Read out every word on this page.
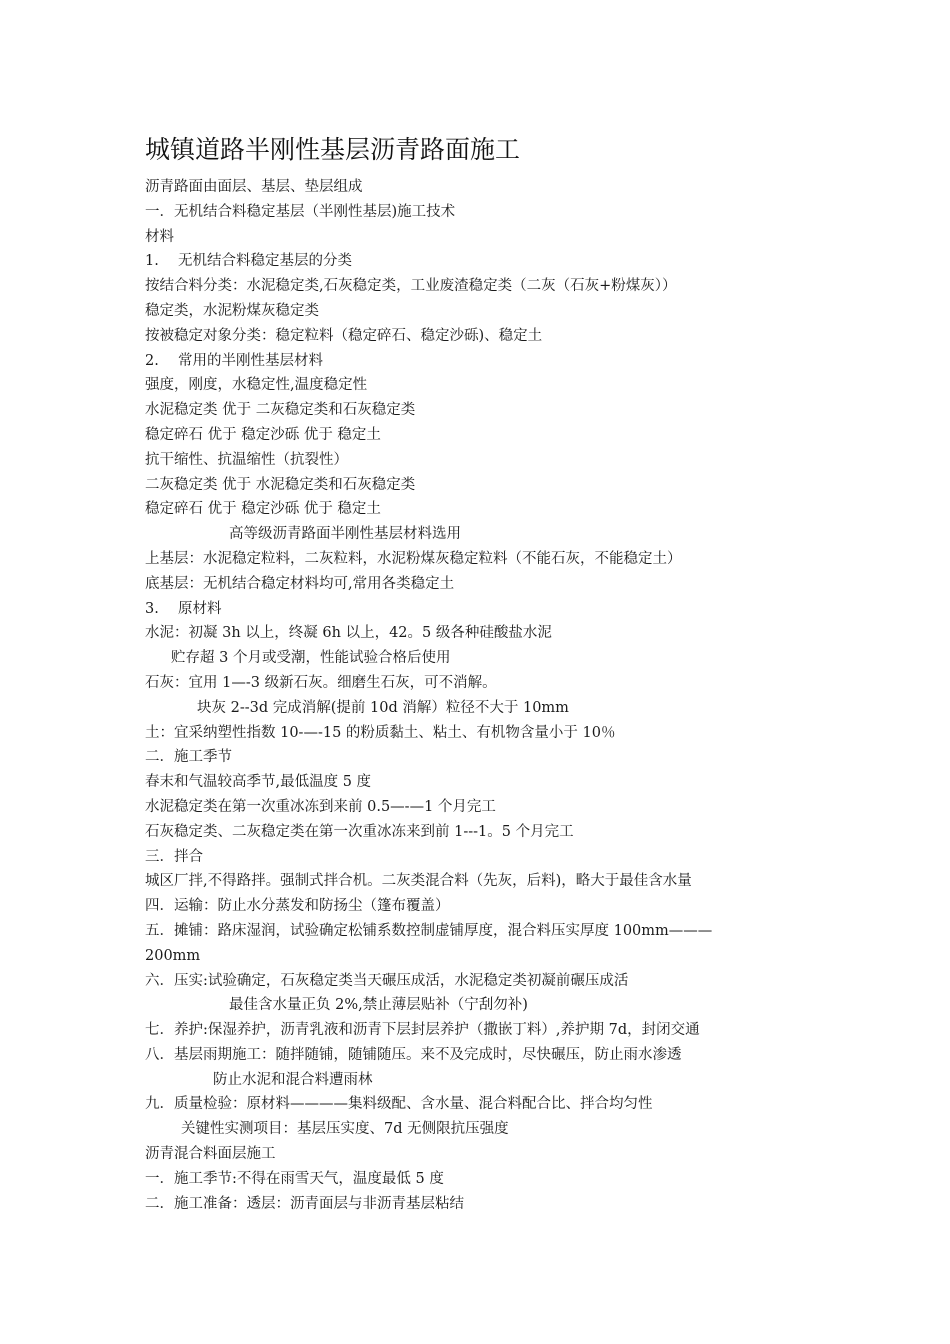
城镇道路半刚性基层沥青路面施工
沥青路面由面层、基层、垫层组成
一．无机结合料稳定基层（半刚性基层)施工技术
材料
1.　 无机结合料稳定基层的分类
按结合料分类：水泥稳定类,石灰稳定类，工业废渣稳定类（二灰（石灰+粉煤灰））
稳定类，水泥粉煤灰稳定类
按被稳定对象分类：稳定粒料（稳定碎石、稳定沙砾)、稳定土
2.　 常用的半刚性基层材料
强度，刚度，水稳定性,温度稳定性
水泥稳定类 优于 二灰稳定类和石灰稳定类
稳定碎石 优于 稳定沙砾 优于 稳定土
抗干缩性、抗温缩性（抗裂性）
二灰稳定类 优于 水泥稳定类和石灰稳定类
稳定碎石 优于 稳定沙砾 优于 稳定土
高等级沥青路面半刚性基层材料选用
上基层：水泥稳定粒料，二灰粒料，水泥粉煤灰稳定粒料（不能石灰，不能稳定土）
底基层：无机结合稳定材料均可,常用各类稳定土
3.　 原材料
水泥：初凝 3h 以上，终凝 6h 以上，42。5 级各种硅酸盐水泥
贮存超 3 个月或受潮，性能试验合格后使用
石灰：宜用 1—-3 级新石灰。细磨生石灰，可不消解。
块灰 2--3d 完成消解(提前 10d 消解）粒径不大于 10mm
土：宜采纳塑性指数 10-—-15 的粉质黏土、粘土、有机物含量小于 10％
二．施工季节
春末和气温较高季节,最低温度 5 度
水泥稳定类在第一次重冰冻到来前 0.5—-—1 个月完工
石灰稳定类、二灰稳定类在第一次重冰冻来到前 1---1。5 个月完工
三．拌合
城区厂拌,不得路拌。强制式拌合机。二灰类混合料（先灰，后料)，略大于最佳含水量
四．运输：防止水分蒸发和防扬尘（篷布覆盖）
五．摊铺：路床湿润，试验确定松铺系数控制虚铺厚度，混合料压实厚度 100mm———
200mm
六．压实:试验确定，石灰稳定类当天碾压成活，水泥稳定类初凝前碾压成活
最佳含水量正负 2%,禁止薄层贴补（宁刮勿补)
七．养护:保湿养护，沥青乳液和沥青下层封层养护（撒嵌丁料）,养护期 7d，封闭交通
八．基层雨期施工：随拌随铺，随铺随压。来不及完成时，尽快碾压，防止雨水渗透
防止水泥和混合料遭雨林
九．质量检验：原材料————集料级配、含水量、混合料配合比、拌合均匀性
关键性实测项目：基层压实度、7d 无侧限抗压强度
沥青混合料面层施工
一．施工季节:不得在雨雪天气，温度最低 5 度
二．施工准备：透层：沥青面层与非沥青基层粘结
